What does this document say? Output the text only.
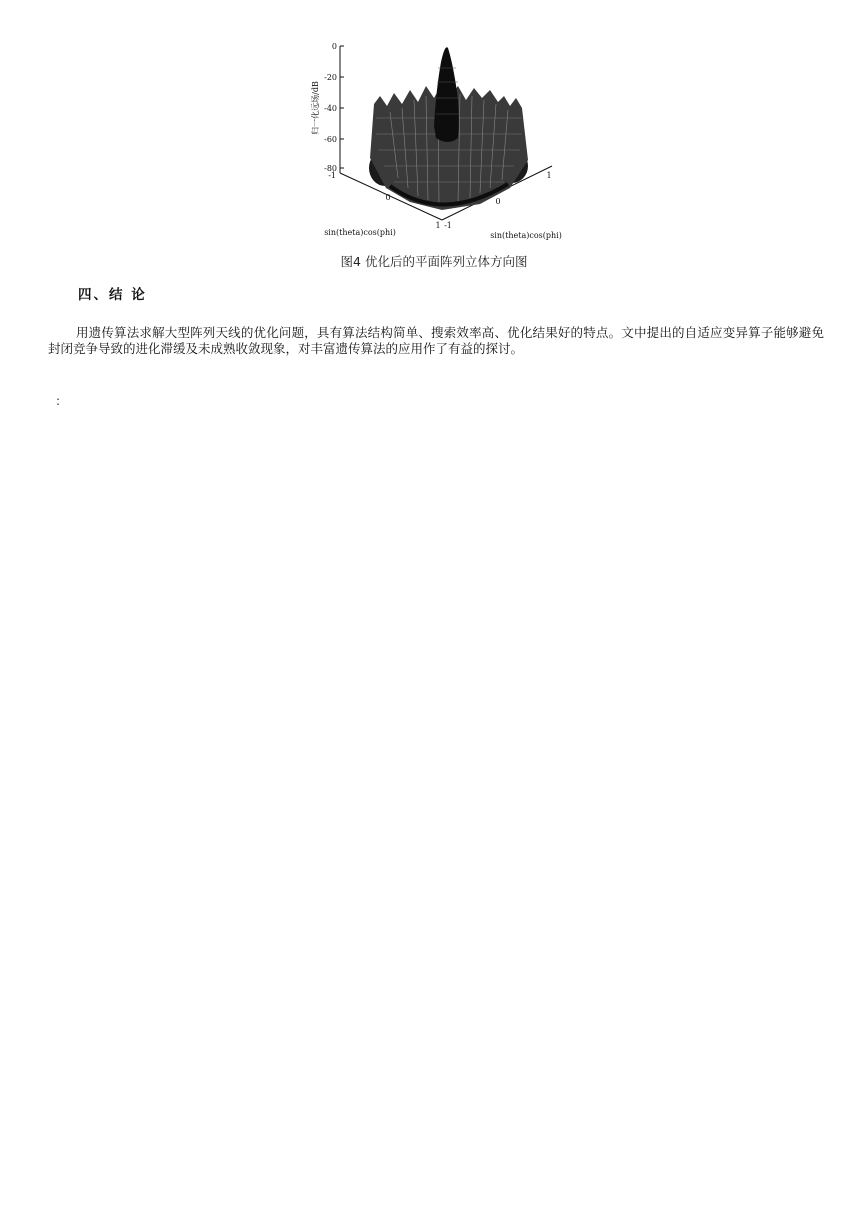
0
-20
-40
-60
-80
归一化远场/dB
-1
0
1
1
0
-1
sin(theta)cos(phi)	sin(theta)cos(phi)
图4 优化后的平面阵列立体方向图
四、结 论

用遗传算法求解大型阵列天线的优化问题，具有算法结构简单、搜索效率高、优化结果好的特点。文中提出的自适应变异算子能够避免封闭竞争导致的进化滞缓及未成熟收敛现象，对丰富遗传算法的应用作了有益的探讨。

:
